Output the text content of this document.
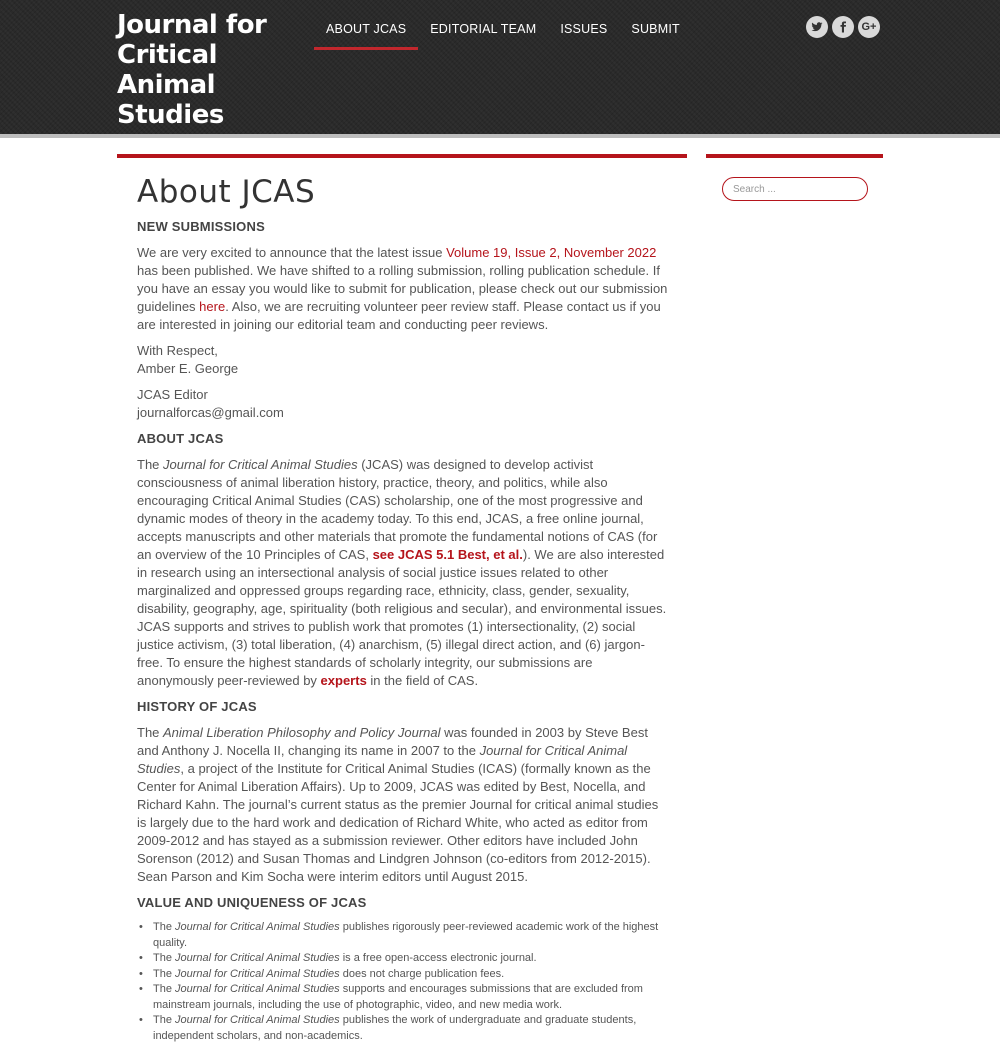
Journal for Critical Animal Studies
ABOUT JCAS	EDITORIAL TEAM	ISSUES	SUBMIT	G+
Search ...
About JCAS
NEW SUBMISSIONS

We are very excited to announce that the latest issue Volume 19, Issue 2, November 2022 has been published. We have shifted to a rolling submission, rolling publication schedule. If you have an essay you would like to submit for publication, please check out our submission guidelines here. Also, we are recruiting volunteer peer review staff. Please contact us if you are interested in joining our editorial team and conducting peer reviews.

With Respect,
Amber E. George

JCAS Editor
journalforcas@gmail.com

ABOUT JCAS

The Journal for Critical Animal Studies (JCAS) was designed to develop activist consciousness of animal liberation history, practice, theory, and politics, while also encouraging Critical Animal Studies (CAS) scholarship, one of the most progressive and dynamic modes of theory in the academy today. To this end, JCAS, a free online journal, accepts manuscripts and other materials that promote the fundamental notions of CAS (for an overview of the 10 Principles of CAS, see JCAS 5.1 Best, et al.). We are also interested in research using an intersectional analysis of social justice issues related to other marginalized and oppressed groups regarding race, ethnicity, class, gender, sexuality, disability, geography, age, spirituality (both religious and secular), and environmental issues. JCAS supports and strives to publish work that promotes (1) intersectionality, (2) social justice activism, (3) total liberation, (4) anarchism, (5) illegal direct action, and (6) jargon-free. To ensure the highest standards of scholarly integrity, our submissions are anonymously peer-reviewed by experts in the field of CAS.

HISTORY OF JCAS

The Animal Liberation Philosophy and Policy Journal was founded in 2003 by Steve Best and Anthony J. Nocella II, changing its name in 2007 to the Journal for Critical Animal Studies, a project of the Institute for Critical Animal Studies (ICAS) (formally known as the Center for Animal Liberation Affairs). Up to 2009, JCAS was edited by Best, Nocella, and Richard Kahn. The journal’s current status as the premier Journal for critical animal studies is largely due to the hard work and dedication of Richard White, who acted as editor from 2009-2012 and has stayed as a submission reviewer. Other editors have included John Sorenson (2012) and Susan Thomas and Lindgren Johnson (co-editors from 2012-2015). Sean Parson and Kim Socha were interim editors until August 2015.

VALUE AND UNIQUENESS OF JCAS
• The Journal for Critical Animal Studies publishes rigorously peer-reviewed academic work of the highest quality.
• The Journal for Critical Animal Studies is a free open-access electronic journal.
• The Journal for Critical Animal Studies does not charge publication fees.
• The Journal for Critical Animal Studies supports and encourages submissions that are excluded from mainstream journals, including the use of photographic, video, and new media work.
• The Journal for Critical Animal Studies publishes the work of undergraduate and graduate students, independent scholars, and non-academics.
